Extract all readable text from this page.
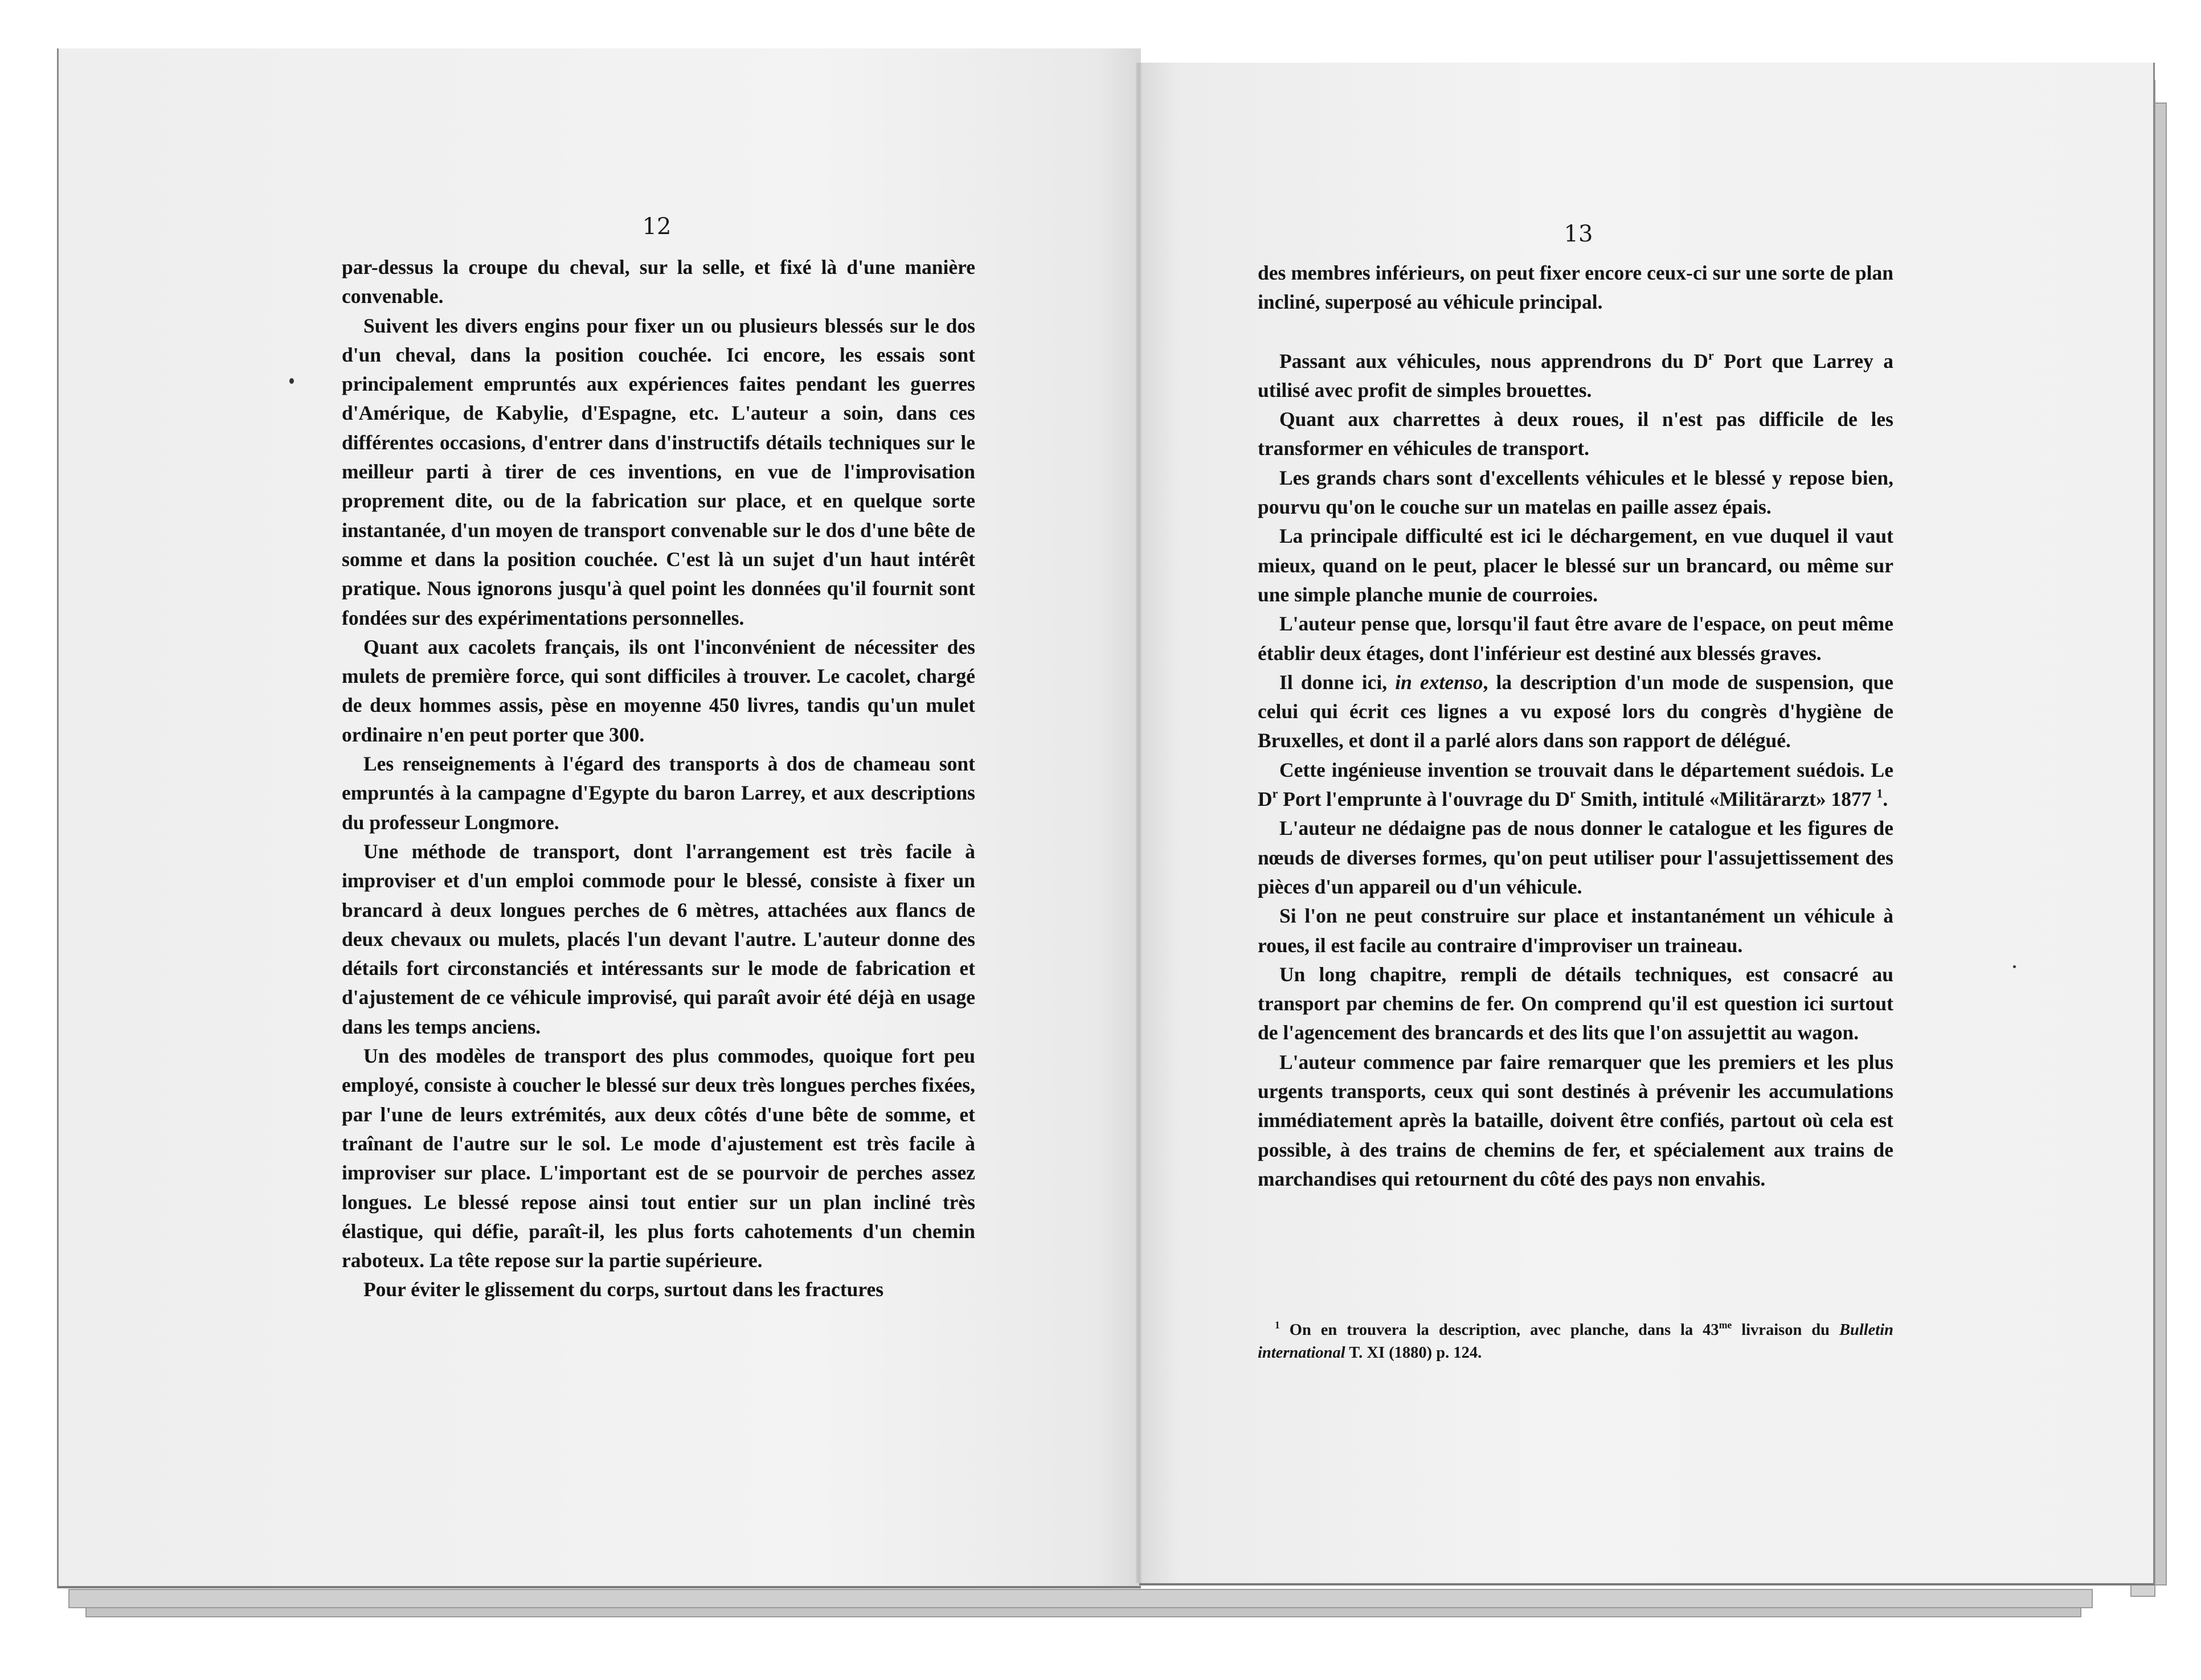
12

par-dessus la croupe du cheval, sur la selle, et fixé là d'une manière convenable.

Suivent les divers engins pour fixer un ou plusieurs blessés sur le dos d'un cheval, dans la position couchée. Ici encore, les essais sont principalement empruntés aux expériences faites pendant les guerres d'Amérique, de Kabylie, d'Espagne, etc. L'auteur a soin, dans ces différentes occasions, d'entrer dans d'instructifs détails techniques sur le meilleur parti à tirer de ces inventions, en vue de l'improvisation proprement dite, ou de la fabrication sur place, et en quelque sorte instantanée, d'un moyen de transport convenable sur le dos d'une bête de somme et dans la position couchée. C'est là un sujet d'un haut intérêt pratique. Nous ignorons jusqu'à quel point les données qu'il fournit sont fondées sur des expérimentations personnelles.

Quant aux cacolets français, ils ont l'inconvénient de nécessiter des mulets de première force, qui sont difficiles à trouver. Le cacolet, chargé de deux hommes assis, pèse en moyenne 450 livres, tandis qu'un mulet ordinaire n'en peut porter que 300.

Les renseignements à l'égard des transports à dos de chameau sont empruntés à la campagne d'Egypte du baron Larrey, et aux descriptions du professeur Longmore.

Une méthode de transport, dont l'arrangement est très facile à improviser et d'un emploi commode pour le blessé, consiste à fixer un brancard à deux longues perches de 6 mètres, attachées aux flancs de deux chevaux ou mulets, placés l'un devant l'autre. L'auteur donne des détails fort circonstanciés et intéressants sur le mode de fabrication et d'ajustement de ce véhicule improvisé, qui paraît avoir été déjà en usage dans les temps anciens.

Un des modèles de transport des plus commodes, quoique fort peu employé, consiste à coucher le blessé sur deux très longues perches fixées, par l'une de leurs extrémités, aux deux côtés d'une bête de somme, et traînant de l'autre sur le sol. Le mode d'ajustement est très facile à improviser sur place. L'important est de se pourvoir de perches assez longues. Le blessé repose ainsi tout entier sur un plan incliné très élastique, qui défie, paraît-il, les plus forts cahotements d'un chemin raboteux. La tête repose sur la partie supérieure.

Pour éviter le glissement du corps, surtout dans les fractures

13

des membres inférieurs, on peut fixer encore ceux-ci sur une sorte de plan incliné, superposé au véhicule principal.

Passant aux véhicules, nous apprendrons du $D^r$ Port que Larrey a utilisé avec profit de simples brouettes.

Quant aux charrettes à deux roues, il n'est pas difficile de les transformer en véhicules de transport.

Les grands chars sont d'excellents véhicules et le blessé y repose bien, pourvu qu'on le couche sur un matelas en paille assez épais.

La principale difficulté est ici le déchargement, en vue duquel il vaut mieux, quand on le peut, placer le blessé sur un brancard, ou même sur une simple planche munie de courroies.

L'auteur pense que, lorsqu'il faut être avare de l'espace, on peut même établir deux étages, dont l'inférieur est destiné aux blessés graves.

Il donne ici, in extenso, la description d'un mode de suspension, que celui qui écrit ces lignes a vu exposé lors du congrès d'hygiène de Bruxelles, et dont il a parlé alors dans son rapport de délégué.

Cette ingénieuse invention se trouvait dans le département suédois. Le $D^r$ Port l'emprunte à l'ouvrage du $D^r$ Smith, intitulé «Militärarzt» 1877 $^1$.

L'auteur ne dédaigne pas de nous donner le catalogue et les figures de nœuds de diverses formes, qu'on peut utiliser pour l'assujettissement des pièces d'un appareil ou d'un véhicule.

Si l'on ne peut construire sur place et instantanément un véhicule à roues, il est facile au contraire d'improviser un traineau.

Un long chapitre, rempli de détails techniques, est consacré au transport par chemins de fer. On comprend qu'il est question ici surtout de l'agencement des brancards et des lits que l'on assujettit au wagon.

L'auteur commence par faire remarquer que les premiers et les plus urgents transports, ceux qui sont destinés à prévenir les accumulations immédiatement après la bataille, doivent être confiés, partout où cela est possible, à des trains de chemins de fer, et spécialement aux trains de marchandises qui retournent du côté des pays non envahis.

$^1$ On en trouvera la description, avec planche, dans la $43^{me}$ livraison du Bulletin international T. XI (1880) p. 124.
